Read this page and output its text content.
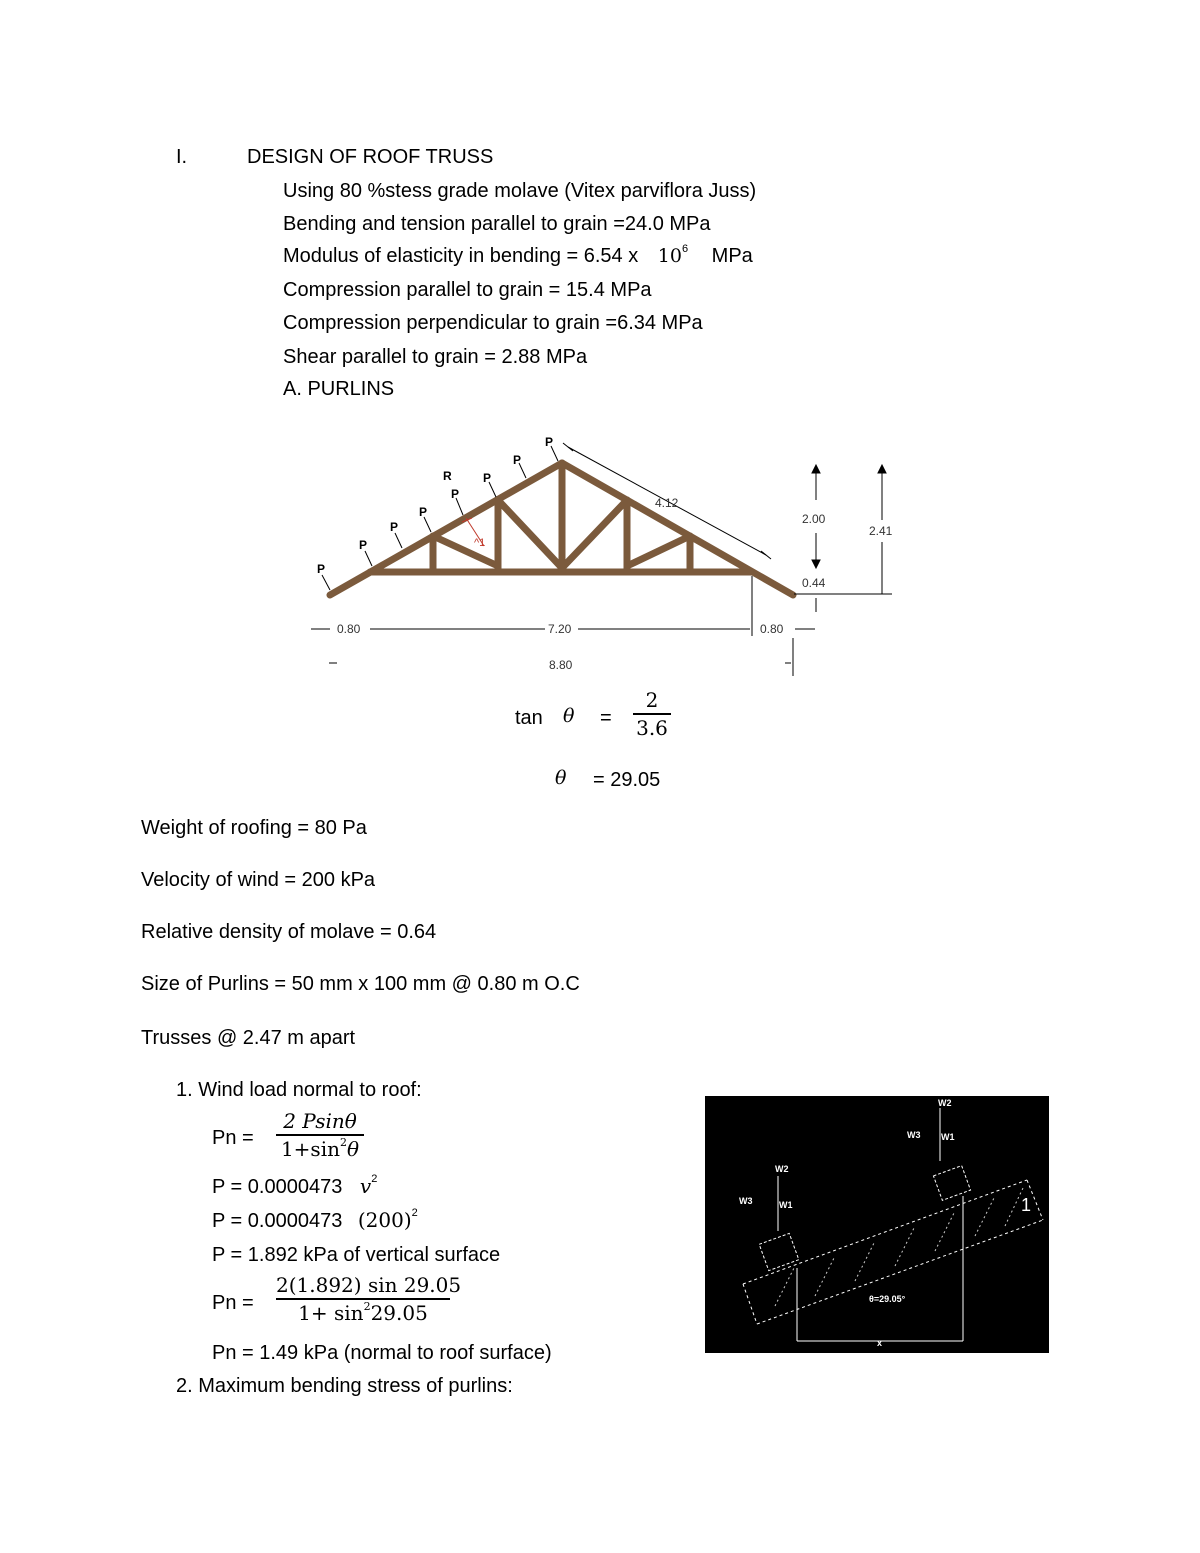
I.	DESIGN OF ROOF TRUSS
Using 80 %stess grade molave (Vitex parviflora Juss)
Bending and tension parallel to grain =24.0 MPa
Modulus of elasticity in bending = 6.54 x $10^6$ MPa
Compression parallel to grain = 15.4 MPa
Compression perpendicular to grain =6.34 MPa
Shear parallel to grain = 2.88 MPa
A. PURLINS
P
P
P
P
P
P
P
P
R
^1
4.12
2.00
2.41
0.44
0.80	7.20	0.80
8.80
tan θ =
2
3.6
θ = 29.05
Weight of roofing = 80 Pa
Velocity of wind = 200 kPa
Relative density of molave = 0.64
Size of Purlins = 50 mm x 100 mm @ 0.80 m O.C
Trusses @ 2.47 m apart
1. Wind load normal to roof:
Pn =
2 Psinθ
$1+\sin^2\theta$
P = 0.0000473 $v^2$
P = 0.0000473 $(200)^2$
P = 1.892 kPa of vertical surface
Pn =
2(1.892) sin 29.05
$1+ \sin^229.05$
Pn = 1.49 kPa (normal to roof surface)
2. Maximum bending stress of purlins:
W2
W3	W1
W2
W3 W1
θ=29.05°
x
1
